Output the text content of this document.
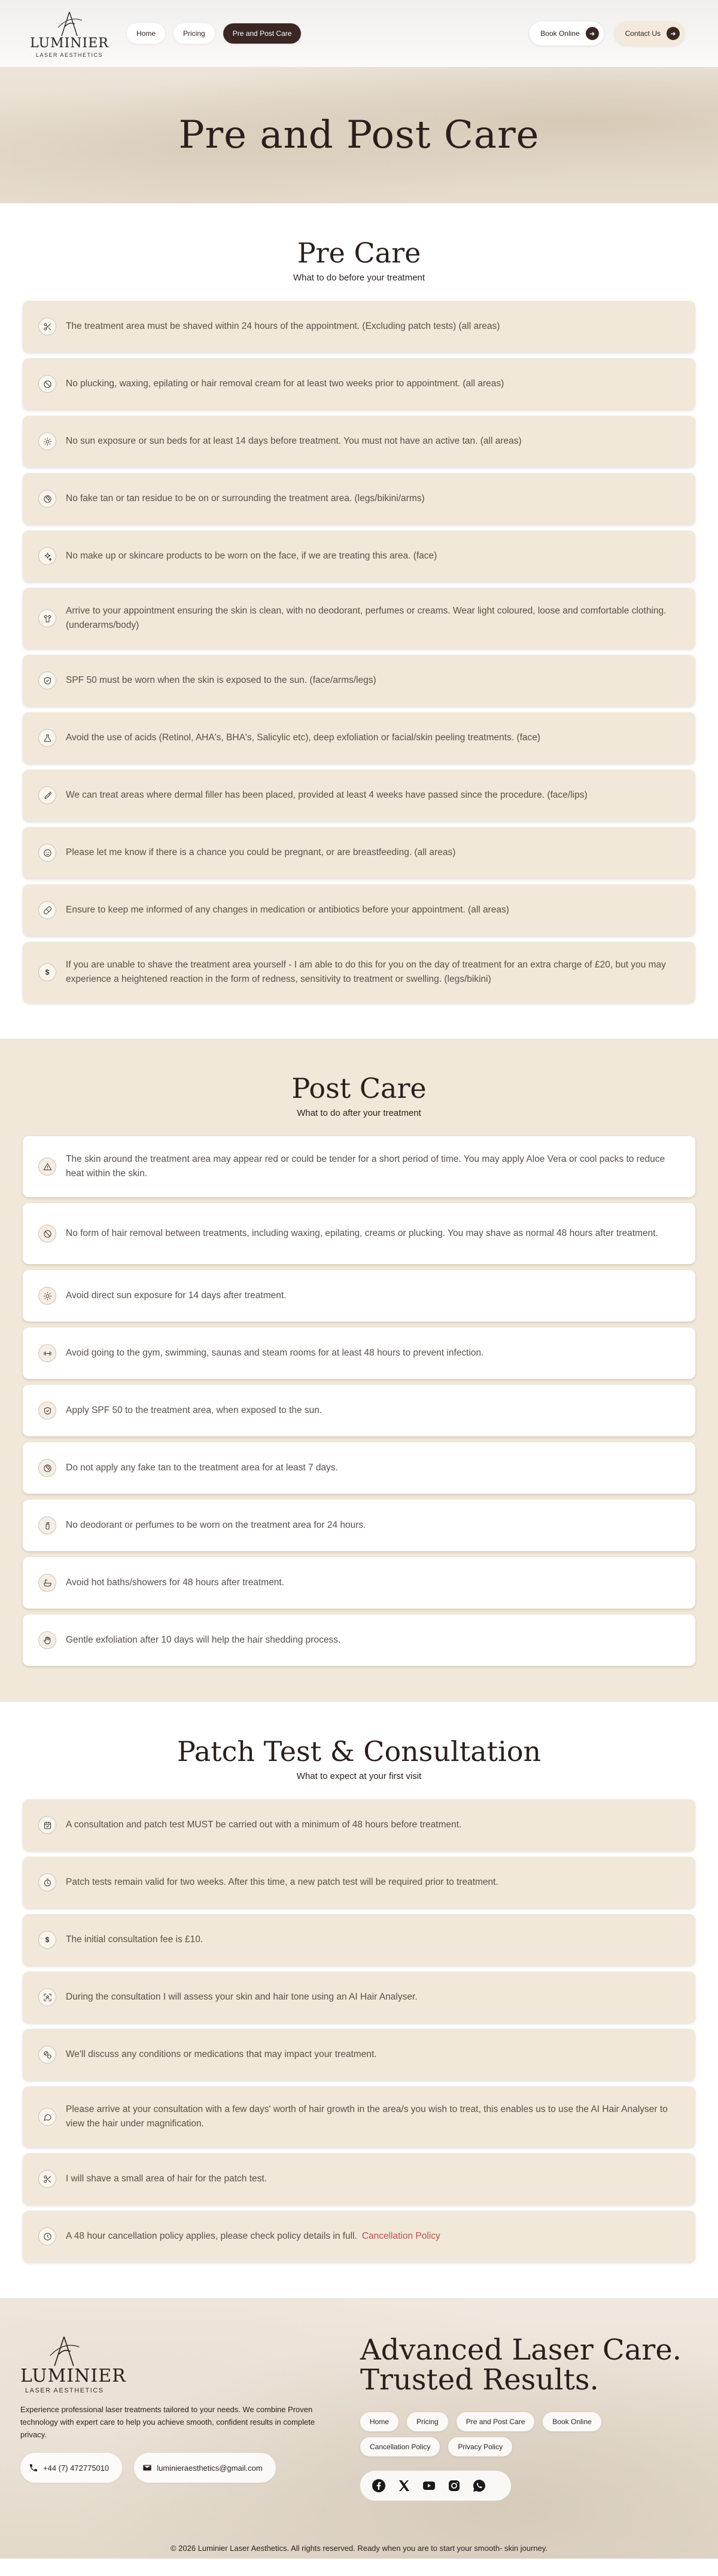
LUMINIER
LASER AESTHETICS
Home	Pricing	Pre and Post Care	Book Online	➜	Contact Us	➜
Pre and Post Care
Pre Care

What to do before your treatment

The treatment area must be shaved within 24 hours of the appointment. (Excluding patch tests) (all areas)

No plucking, waxing, epilating or hair removal cream for at least two weeks prior to appointment. (all areas)

No sun exposure or sun beds for at least 14 days before treatment. You must not have an active tan. (all areas)

No fake tan or tan residue to be on or surrounding the treatment area. (legs/bikini/arms)

No make up or skincare products to be worn on the face, if we are treating this area. (face)

Arrive to your appointment ensuring the skin is clean, with no deodorant, perfumes or creams. Wear light coloured, loose and comfortable clothing. (underarms/body)

SPF 50 must be worn when the skin is exposed to the sun. (face/arms/legs)

Avoid the use of acids (Retinol, AHA's, BHA's, Salicylic etc), deep exfoliation or facial/skin peeling treatments. (face)

We can treat areas where dermal filler has been placed, provided at least 4 weeks have passed since the procedure. (face/lips)

Please let me know if there is a chance you could be pregnant, or are breastfeeding. (all areas)

Ensure to keep me informed of any changes in medication or antibiotics before your appointment. (all areas)

$

If you are unable to shave the treatment area yourself - I am able to do this for you on the day of treatment for an extra charge of £20, but you may experience a heightened reaction in the form of redness, sensitivity to treatment or swelling. (legs/bikini)

Post Care

What to do after your treatment

The skin around the treatment area may appear red or could be tender for a short period of time. You may apply Aloe Vera or cool packs to reduce heat within the skin.

No form of hair removal between treatments, including waxing, epilating, creams or plucking. You may shave as normal 48 hours after treatment.

Avoid direct sun exposure for 14 days after treatment.

Avoid going to the gym, swimming, saunas and steam rooms for at least 48 hours to prevent infection.

Apply SPF 50 to the treatment area, when exposed to the sun.

Do not apply any fake tan to the treatment area for at least 7 days.

No deodorant or perfumes to be worn on the treatment area for 24 hours.

Avoid hot baths/showers for 48 hours after treatment.

Gentle exfoliation after 10 days will help the hair shedding process.

Patch Test & Consultation

What to expect at your first visit

A consultation and patch test MUST be carried out with a minimum of 48 hours before treatment.

Patch tests remain valid for two weeks. After this time, a new patch test will be required prior to treatment.

$ The initial consultation fee is £10.

During the consultation I will assess your skin and hair tone using an AI Hair Analyser.

We'll discuss any conditions or medications that may impact your treatment.

Please arrive at your consultation with a few days' worth of hair growth in the area/s you wish to treat, this enables us to use the AI Hair Analyser to view the hair under magnification.

I will shave a small area of hair for the patch test.

A 48 hour cancellation policy applies, please check policy details in full. Cancellation Policy

LUMINIER
LASER AESTHETICS

Experience professional laser treatments tailored to your needs. We combine Proven technology with expert care to help you achieve smooth, confident results in complete privacy.

+44 (7) 472775010	luminieraesthetics@gmail.com
Advanced Laser Care.
Trusted Results.
Home	Pricing	Pre and Post Care	Book Online
Cancellation Policy	Privacy Policy

© 2026 Luminier Laser Aesthetics. All rights reserved. Ready when you are to start your smooth- skin journey.
